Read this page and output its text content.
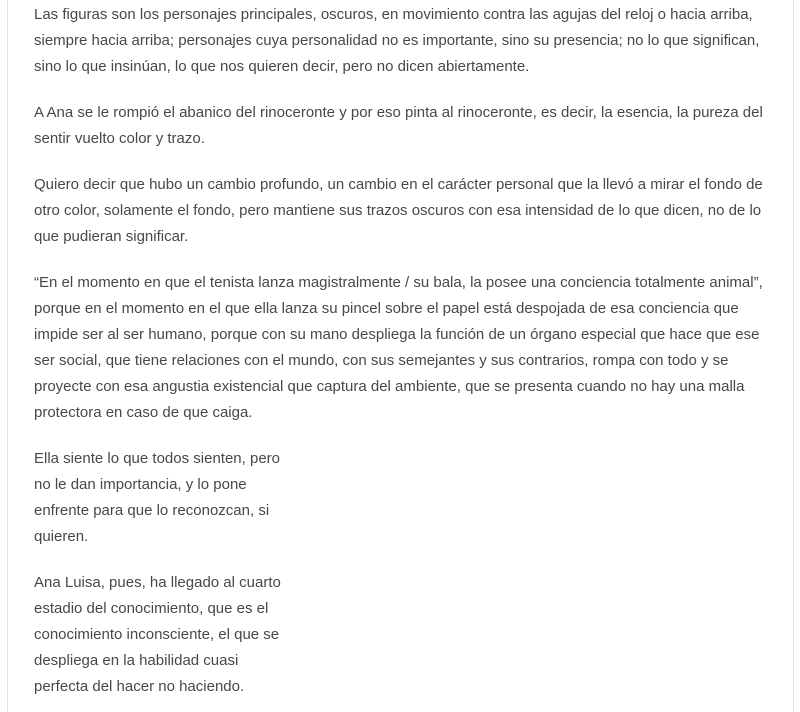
Las figuras son los personajes principales, oscuros, en movimiento contra las agujas del reloj o hacia arriba, siempre hacia arriba; personajes cuya personalidad no es importante, sino su presencia; no lo que significan, sino lo que insinúan, lo que nos quieren decir, pero no dicen abiertamente.

A Ana se le rompió el abanico del rinoceronte y por eso pinta al rinoceronte, es decir, la esencia, la pureza del sentir vuelto color y trazo.

Quiero decir que hubo un cambio profundo, un cambio en el carácter personal que la llevó a mirar el fondo de otro color, solamente el fondo, pero mantiene sus trazos oscuros con esa intensidad de lo que dicen, no de lo que pudieran significar.

“En el momento en que el tenista lanza magistralmente / su bala, la posee una conciencia totalmente animal”, porque en el momento en el que ella lanza su pincel sobre el papel está despojada de esa conciencia que impide ser al ser humano, porque con su mano despliega la función de un órgano especial que hace que ese ser social, que tiene relaciones con el mundo, con sus semejantes y sus contrarios, rompa con todo y se proyecte con esa angustia existencial que captura del ambiente, que se presenta cuando no hay una malla protectora en caso de que caiga.

Ella siente lo que todos sienten, pero no le dan importancia, y lo pone enfrente para que lo reconozcan, si quieren.

Ana Luisa, pues, ha llegado al cuarto estadio del conocimiento, que es el conocimiento inconsciente, el que se despliega en la habilidad cuasi perfecta del hacer no haciendo.
